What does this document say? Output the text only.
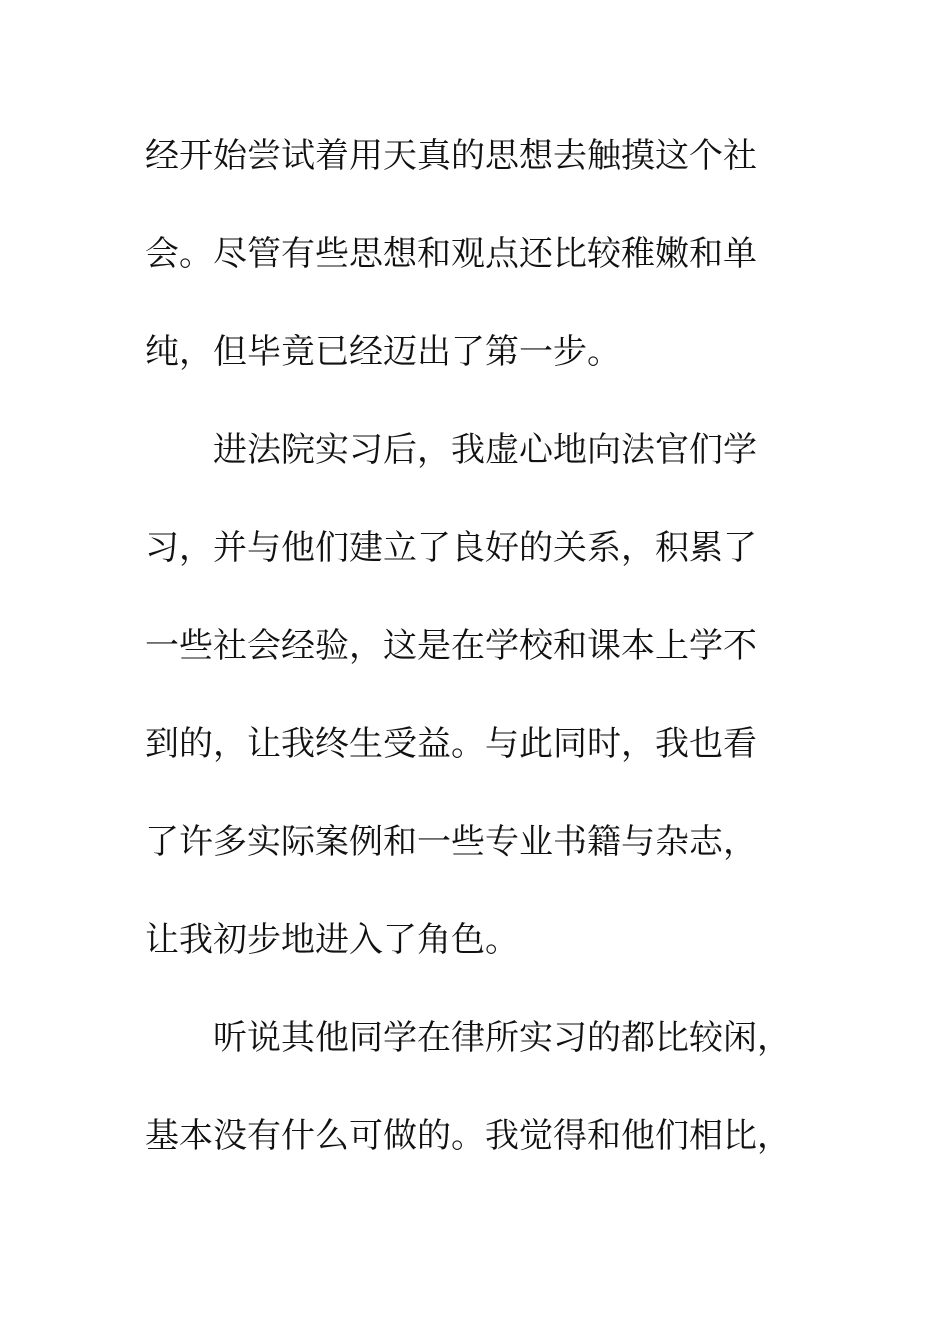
经开始尝试着用天真的思想去触摸这个社
会。尽管有些思想和观点还比较稚嫩和单
纯，但毕竟已经迈出了第一步。
　　进法院实习后，我虚心地向法官们学
习，并与他们建立了良好的关系，积累了
一些社会经验，这是在学校和课本上学不
到的，让我终生受益。与此同时，我也看
了许多实际案例和一些专业书籍与杂志，
让我初步地进入了角色。
　　听说其他同学在律所实习的都比较闲，
基本没有什么可做的。我觉得和他们相比，
